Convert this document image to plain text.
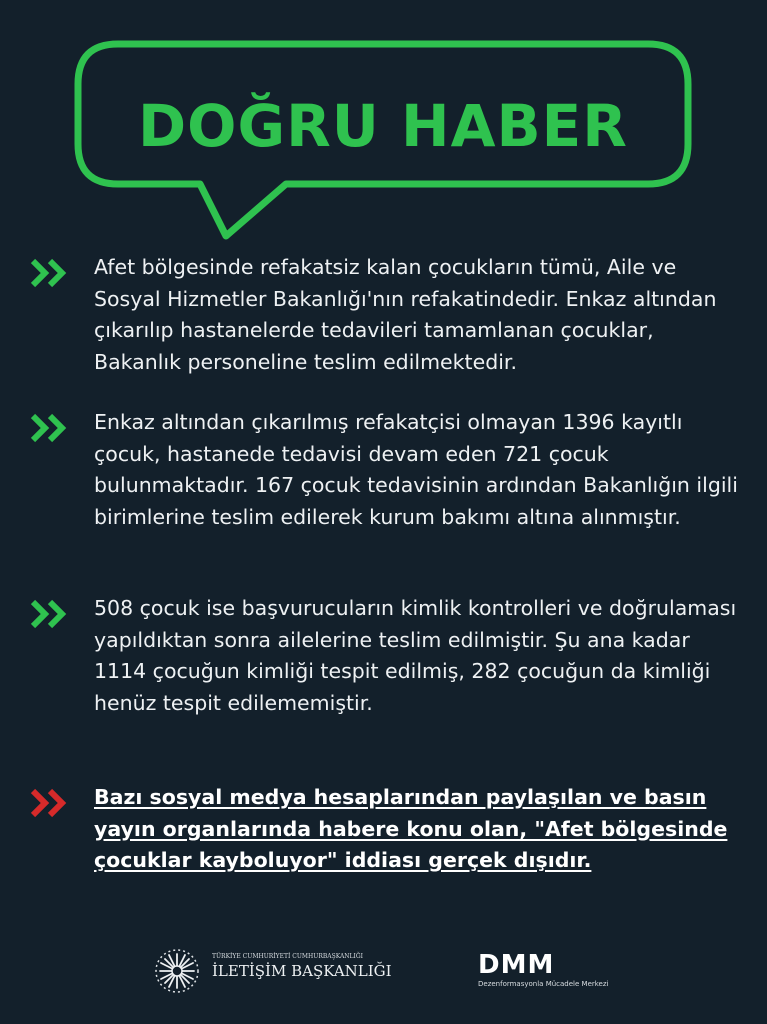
DOĞRU HABER
Afet bölgesinde refakatsiz kalan çocukların tümü, Aile ve Sosyal Hizmetler Bakanlığı'nın refakatindedir. Enkaz altından çıkarılıp hastanelerde tedavileri tamamlanan çocuklar, Bakanlık personeline teslim edilmektedir.
Enkaz altından çıkarılmış refakatçisi olmayan 1396 kayıtlı çocuk, hastanede tedavisi devam eden 721 çocuk bulunmaktadır. 167 çocuk tedavisinin ardından Bakanlığın ilgili birimlerine teslim edilerek kurum bakımı altına alınmıştır.
508 çocuk ise başvurucuların kimlik kontrolleri ve doğrulaması yapıldıktan sonra ailelerine teslim edilmiştir. Şu ana kadar 1114 çocuğun kimliği tespit edilmiş, 282 çocuğun da kimliği henüz tespit edilememiştir.
Bazı sosyal medya hesaplarından paylaşılan ve basın yayın organlarında habere konu olan, "Afet bölgesinde çocuklar kayboluyor" iddiası gerçek dışıdır.
TÜRKİYE CUMHURİYETİ CUMHURBAŞKANLIĞI
İLETİŞİM BAŞKANLIĞI	DMM
Dezenformasyonla Mücadele Merkezi
